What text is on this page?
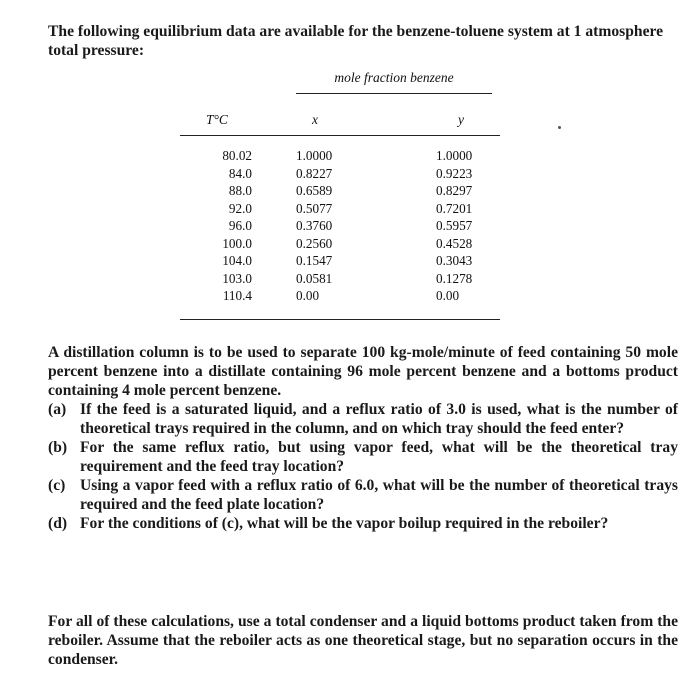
The following equilibrium data are available for the benzene-toluene system at 1 atmosphere total pressure:

mole fraction benzene
T°C	x	y
80.02
84.0
88.0
92.0
96.0
100.0
104.0
103.0
110.4
1.0000
0.8227
0.6589
0.5077
0.3760
0.2560
0.1547
0.0581
0.00
1.0000
0.9223
0.8297
0.7201
0.5957
0.4528
0.3043
0.1278
0.00

A distillation column is to be used to separate 100 kg-mole/minute of feed containing 50 mole percent benzene into a distillate containing 96 mole percent benzene and a bottoms product containing 4 mole percent benzene.

(a) If the feed is a saturated liquid, and a reflux ratio of 3.0 is used, what is the number of theoretical trays required in the column, and on which tray should the feed enter?
(b) For the same reflux ratio, but using vapor feed, what will be the theoretical tray requirement and the feed tray location?
(c) Using a vapor feed with a reflux ratio of 6.0, what will be the number of theoretical trays required and the feed plate location?
(d) For the conditions of (c), what will be the vapor boilup required in the reboiler?

For all of these calculations, use a total condenser and a liquid bottoms product taken from the reboiler. Assume that the reboiler acts as one theoretical stage, but no separation occurs in the condenser.
